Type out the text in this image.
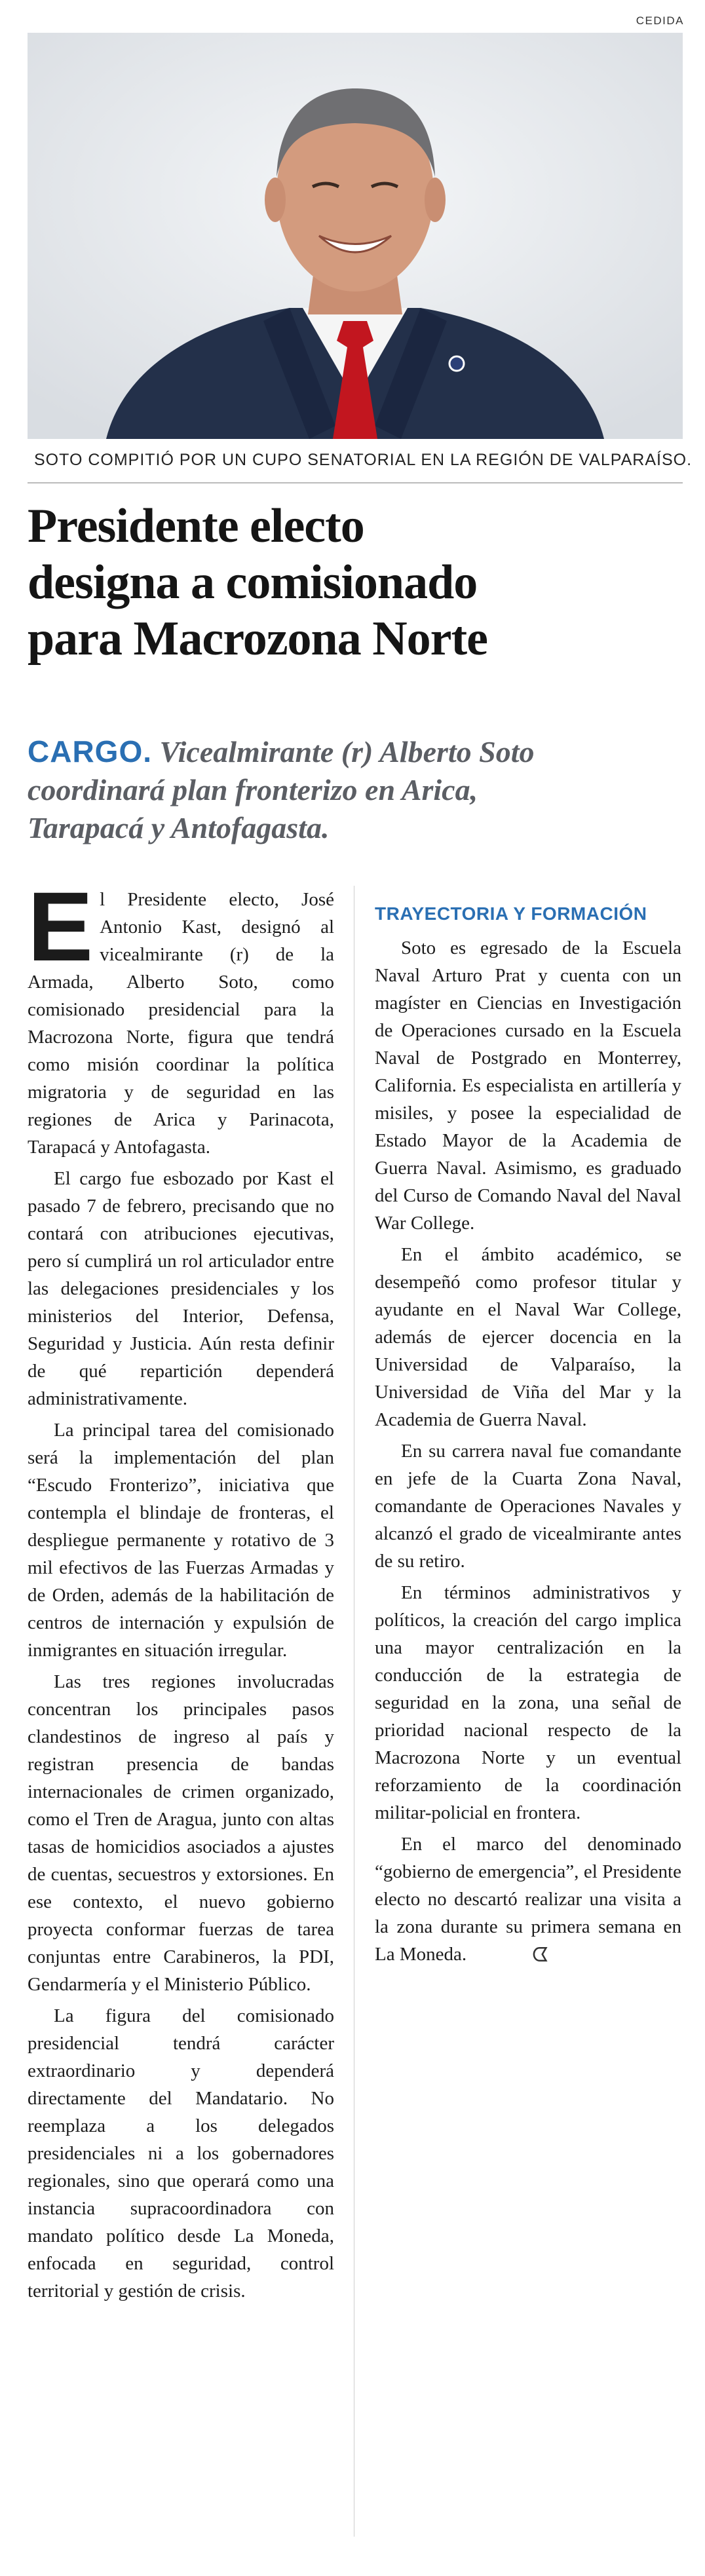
CEDIDA
SOTO COMPITIÓ POR UN CUPO SENATORIAL EN LA REGIÓN DE VALPARAÍSO.
Presidente electo
designa a comisionado
para Macrozona Norte
CARGO. Vicealmirante (r) Alberto Soto
coordinará plan fronterizo en Arica,
Tarapacá y Antofagasta.

El Presidente electo, José Antonio Kast, designó al vicealmirante (r) de la Armada, Alberto Soto, como comisionado presidencial para la Macrozona Norte, figura que tendrá como misión coordinar la política migratoria y de seguridad en las regiones de Arica y Parinacota, Tarapacá y Antofagasta.

El cargo fue esbozado por Kast el pasado 7 de febrero, precisando que no contará con atribuciones ejecutivas, pero sí cumplirá un rol articulador entre las delegaciones presidenciales y los ministerios del Interior, Defensa, Seguridad y Justicia. Aún resta definir de qué repartición dependerá administrativamente.

La principal tarea del comisionado será la implementación del plan “Escudo Fronterizo”, iniciativa que contempla el blindaje de fronteras, el despliegue permanente y rotativo de 3 mil efectivos de las Fuerzas Armadas y de Orden, además de la habilitación de centros de internación y expulsión de inmigrantes en situación irregular.

Las tres regiones involucradas concentran los principales pasos clandestinos de ingreso al país y registran presencia de bandas internacionales de crimen organizado, como el Tren de Aragua, junto con altas tasas de homicidios asociados a ajustes de cuentas, secuestros y extorsiones. En ese contexto, el nuevo gobierno proyecta conformar fuerzas de tarea conjuntas entre Carabineros, la PDI, Gendarmería y el Ministerio Público.

La figura del comisionado presidencial tendrá carácter extraordinario y dependerá directamente del Mandatario. No reemplaza a los delegados presidenciales ni a los gobernadores regionales, sino que operará como una instancia supracoordinadora con mandato político desde La Moneda, enfocada en seguridad, control territorial y gestión de crisis.

TRAYECTORIA Y FORMACIÓN

Soto es egresado de la Escuela Naval Arturo Prat y cuenta con un magíster en Ciencias en Investigación de Operaciones cursado en la Escuela Naval de Postgrado en Monterrey, California. Es especialista en artillería y misiles, y posee la especialidad de Estado Mayor de la Academia de Guerra Naval. Asimismo, es graduado del Curso de Comando Naval del Naval War College.

En el ámbito académico, se desempeñó como profesor titular y ayudante en el Naval War College, además de ejercer docencia en la Universidad de Valparaíso, la Universidad de Viña del Mar y la Academia de Guerra Naval.

En su carrera naval fue comandante en jefe de la Cuarta Zona Naval, comandante de Operaciones Navales y alcanzó el grado de vicealmirante antes de su retiro.

En términos administrativos y políticos, la creación del cargo implica una mayor centralización en la conducción de la estrategia de seguridad en la zona, una señal de prioridad nacional respecto de la Macrozona Norte y un eventual reforzamiento de la coordinación militar-policial en frontera.

En el marco del denominado “gobierno de emergencia”, el Presidente electo no descartó realizar una visita a la zona durante su primera semana en La Moneda.	ᗧ
